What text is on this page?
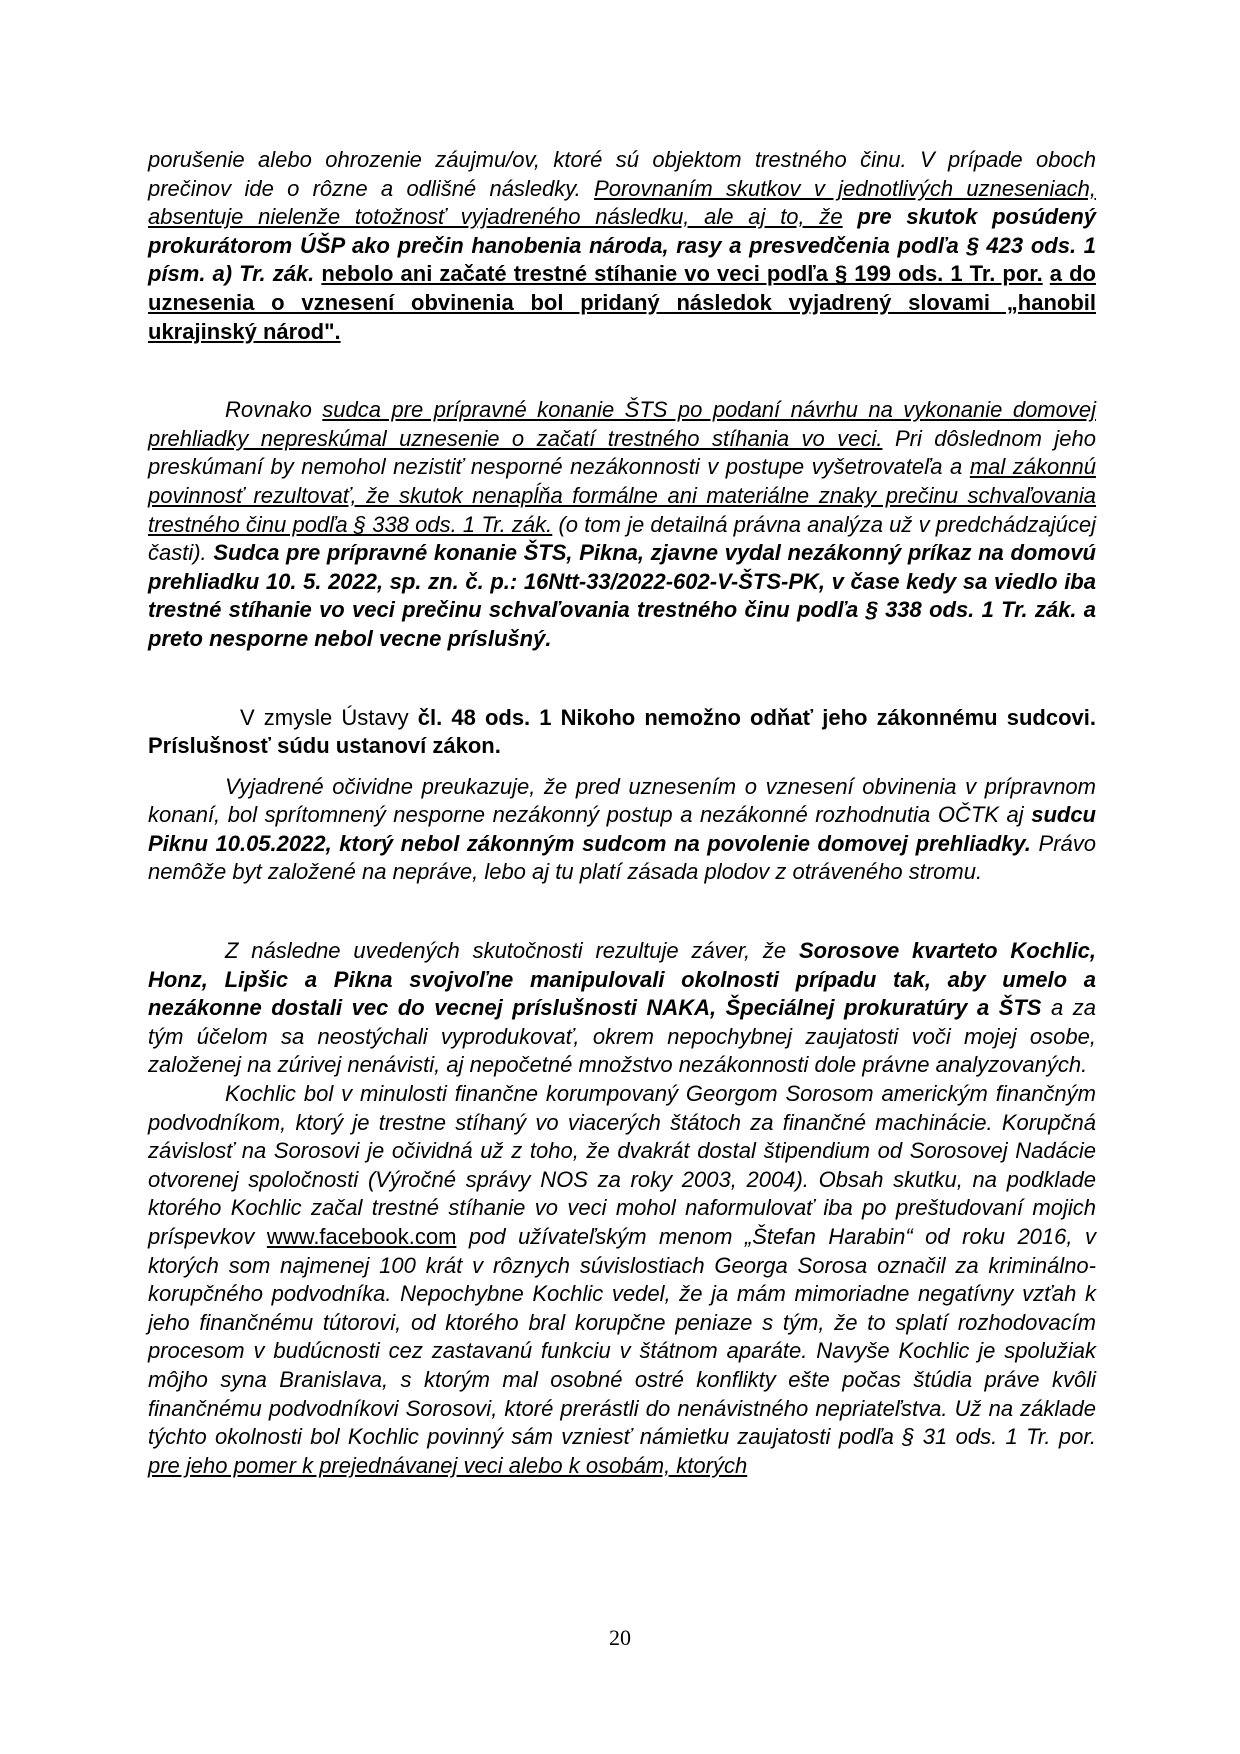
porušenie alebo ohrozenie záujmu/ov, ktoré sú objektom trestného činu. V prípade oboch prečinov ide o rôzne a odlišné následky. Porovnaním skutkov v jednotlivých uzneseniach, absentuje nielenže totožnosť vyjadreného následku, ale aj to, že pre skutok posúdený prokurátorom ÚŠP ako prečin hanobenia národa, rasy a presvedčenia podľa § 423 ods. 1 písm. a) Tr. zák. nebolo ani začaté trestné stíhanie vo veci podľa § 199 ods. 1 Tr. por. a do uznesenia o vznesení obvinenia bol pridaný následok vyjadrený slovami „hanobil ukrajinský národ".

Rovnako sudca pre prípravné konanie ŠTS po podaní návrhu na vykonanie domovej prehliadky nepreskúmal uznesenie o začatí trestného stíhania vo veci. Pri dôslednom jeho preskúmaní by nemohol nezistiť nesporné nezákonnosti v postupe vyšetrovateľa a mal zákonnú povinnosť rezultovať, že skutok nenapĺňa formálne ani materiálne znaky prečinu schvaľovania trestného činu podľa § 338 ods. 1 Tr. zák. (o tom je detailná právna analýza už v predchádzajúcej časti). Sudca pre prípravné konanie ŠTS, Pikna, zjavne vydal nezákonný príkaz na domovú prehliadku 10. 5. 2022, sp. zn. č. p.: 16Ntt-33/2022-602-V-ŠTS-PK, v čase kedy sa viedlo iba trestné stíhanie vo veci prečinu schvaľovania trestného činu podľa § 338 ods. 1 Tr. zák. a preto nesporne nebol vecne príslušný.

V zmysle Ústavy čl. 48 ods. 1 Nikoho nemožno odňať jeho zákonnému sudcovi. Príslušnosť súdu ustanoví zákon.

Vyjadrené očividne preukazuje, že pred uznesením o vznesení obvinenia v prípravnom konaní, bol sprítomnený nesporne nezákonný postup a nezákonné rozhodnutia OČTK aj sudcu Piknu 10.05.2022, ktorý nebol zákonným sudcom na povolenie domovej prehliadky. Právo nemôže byt založené na nepráve, lebo aj tu platí zásada plodov z otráveného stromu.

Z následne uvedených skutočnosti rezultuje záver, že Sorosove kvarteto Kochlic, Honz, Lipšic a Pikna svojvoľne manipulovali okolnosti prípadu tak, aby umelo a nezákonne dostali vec do vecnej príslušnosti NAKA, Špeciálnej prokuratúry a ŠTS a za tým účelom sa neostýchali vyprodukovať, okrem nepochybnej zaujatosti voči mojej osobe, založenej na zúrivej nenávisti, aj nepočetné množstvo nezákonnosti dole právne analyzovaných.

Kochlic bol v minulosti finančne korumpovaný Georgom Sorosom americkým finančným podvodníkom, ktorý je trestne stíhaný vo viacerých štátoch za finančné machinácie. Korupčná závislosť na Sorosovi je očividná už z toho, že dvakrát dostal štipendium od Sorosovej Nadácie otvorenej spoločnosti (Výročné správy NOS za roky 2003, 2004). Obsah skutku, na podklade ktorého Kochlic začal trestné stíhanie vo veci mohol naformulovať iba po preštudovaní mojich príspevkov www.facebook.com pod užívateľským menom „Štefan Harabin“ od roku 2016, v ktorých som najmenej 100 krát v rôznych súvislostiach Georga Sorosa označil za kriminálno-korupčného podvodníka. Nepochybne Kochlic vedel, že ja mám mimoriadne negatívny vzťah k jeho finančnému tútorovi, od ktorého bral korupčne peniaze s tým, že to splatí rozhodovacím procesom v budúcnosti cez zastavanú funkciu v štátnom aparáte. Navyše Kochlic je spolužiak môjho syna Branislava, s ktorým mal osobné ostré konflikty ešte počas štúdia práve kvôli finančnému podvodníkovi Sorosovi, ktoré prerástli do nenávistného nepriateľstva. Už na základe týchto okolnosti bol Kochlic povinný sám vzniesť námietku zaujatosti podľa § 31 ods. 1 Tr. por. pre jeho pomer k prejednávanej veci alebo k osobám, ktorých

20
